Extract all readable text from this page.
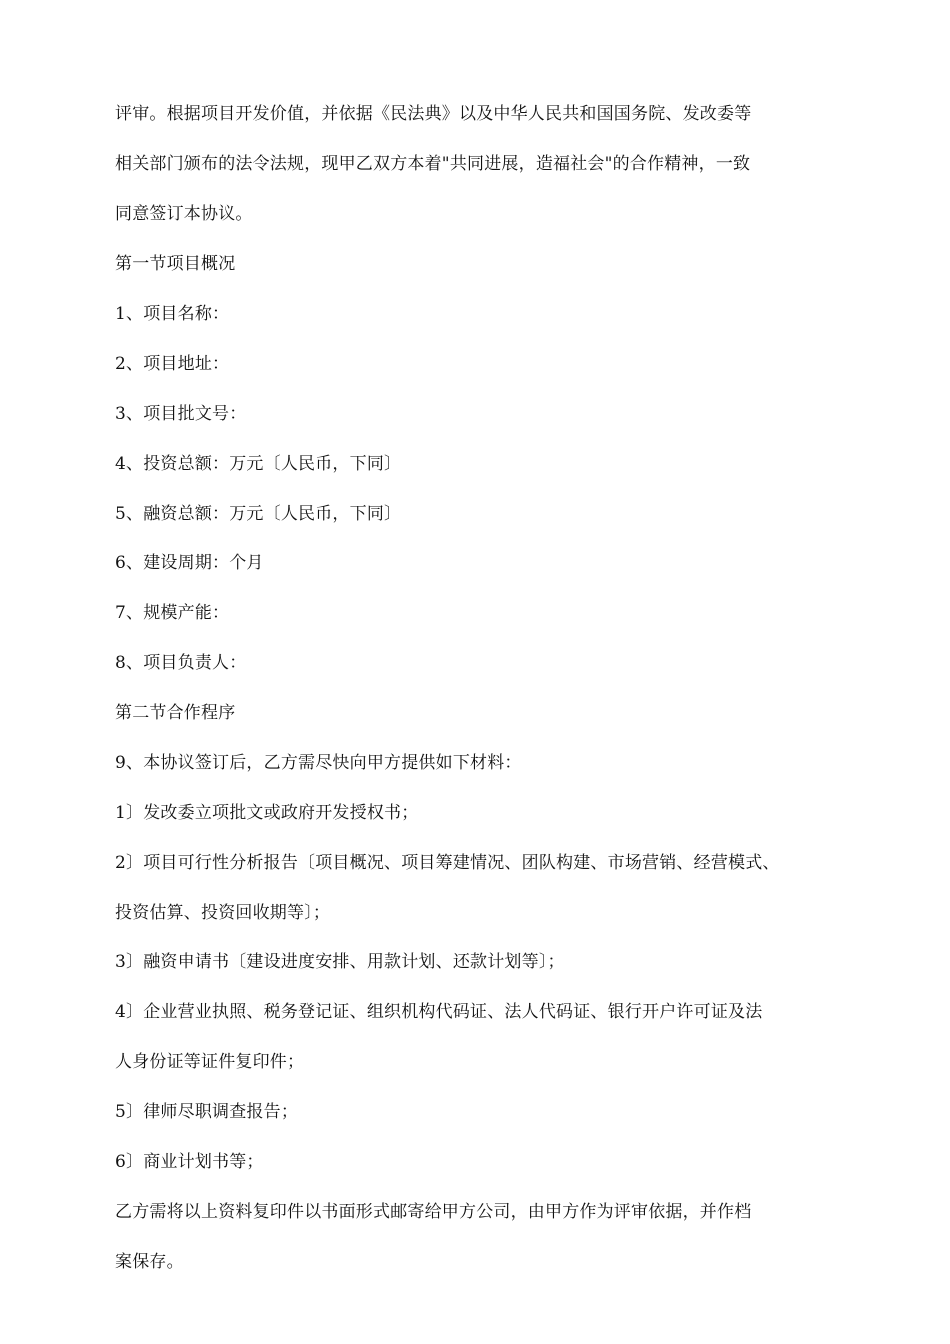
评审。根据项目开发价值，并依据《民法典》以及中华人民共和国国务院、发改委等
相关部门颁布的法令法规，现甲乙双方本着"共同进展，造福社会"的合作精神，一致
同意签订本协议。
第一节项目概况
1、项目名称：
2、项目地址：
3、项目批文号：
4、投资总额：万元〔人民币，下同〕
5、融资总额：万元〔人民币，下同〕
6、建设周期：个月
7、规模产能：
8、项目负责人：
第二节合作程序
9、本协议签订后，乙方需尽快向甲方提供如下材料：
1〕发改委立项批文或政府开发授权书；
2〕项目可行性分析报告〔项目概况、项目筹建情况、团队构建、市场营销、经营模式、
投资估算、投资回收期等〕；
3〕融资申请书〔建设进度安排、用款计划、还款计划等〕；
4〕企业营业执照、税务登记证、组织机构代码证、法人代码证、银行开户许可证及法
人身份证等证件复印件；
5〕律师尽职调查报告；
6〕商业计划书等；
乙方需将以上资料复印件以书面形式邮寄给甲方公司，由甲方作为评审依据，并作档
案保存。
